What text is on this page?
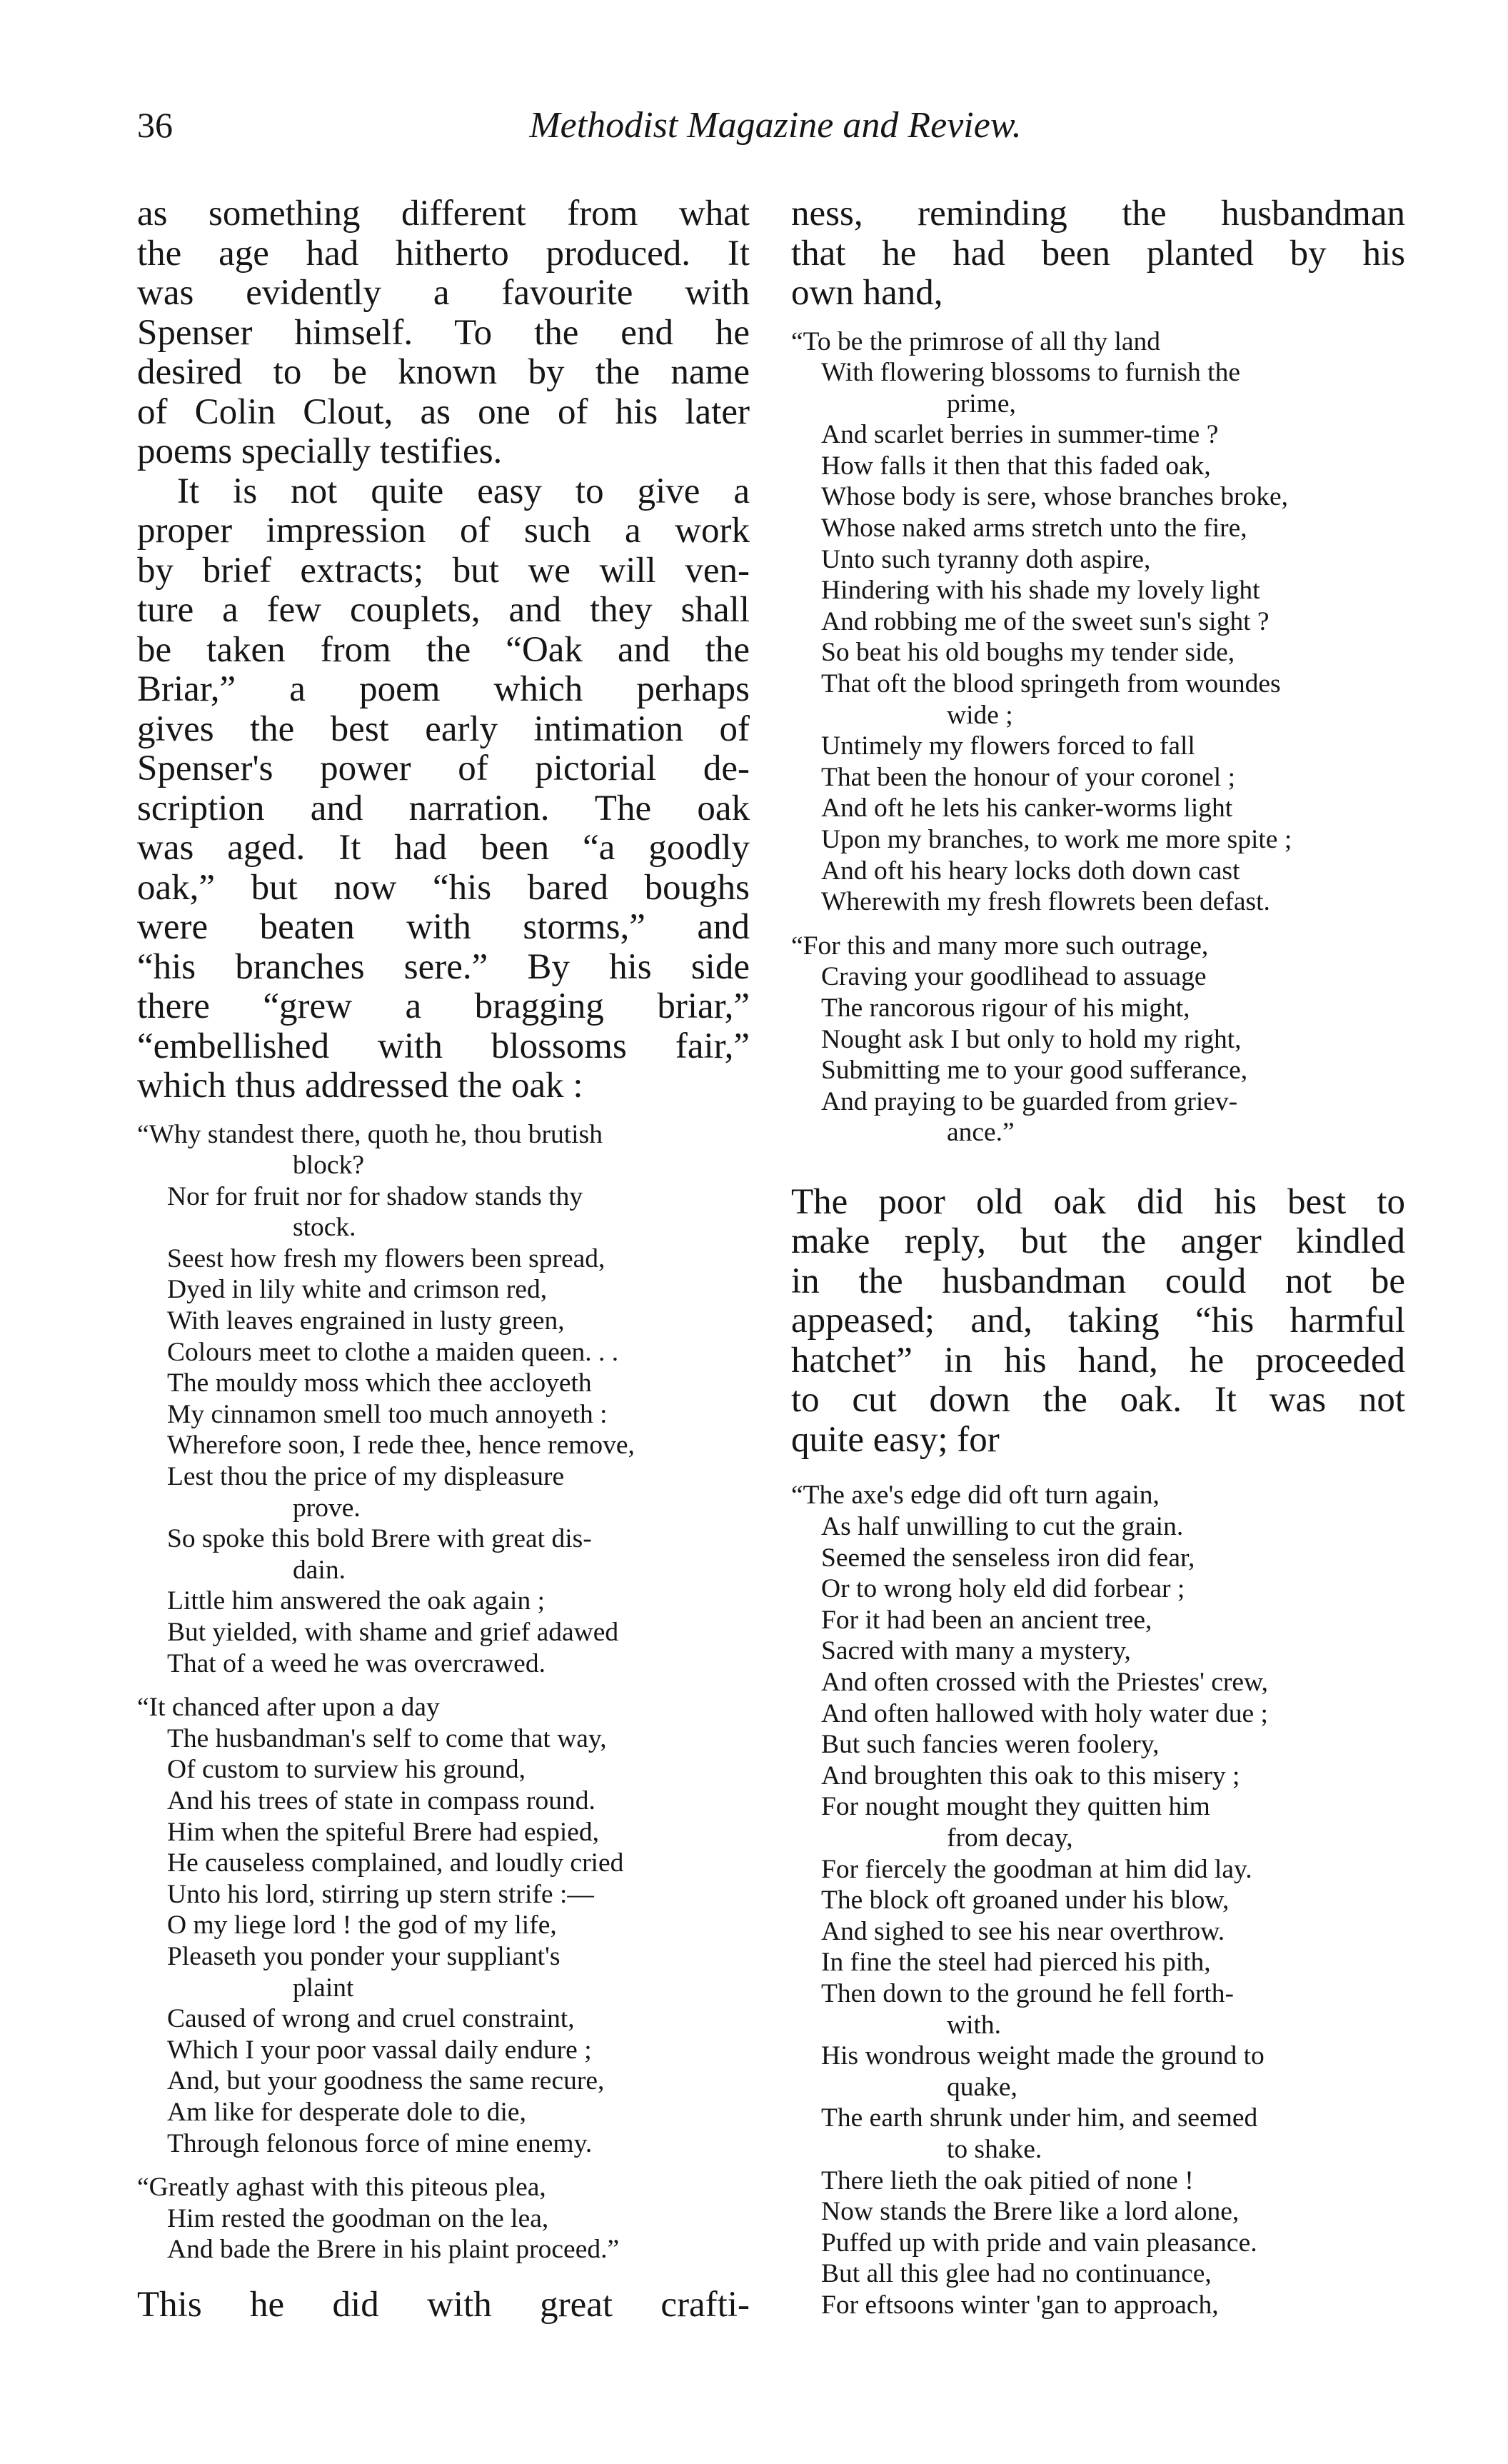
36	Methodist Magazine and Review.
as something different from what
the age had hitherto produced. It
was evidently a favourite with
Spenser himself. To the end he
desired to be known by the name
of Colin Clout, as one of his later
poems specially testifies.
It is not quite easy to give a
proper impression of such a work
by brief extracts; but we will ven-
ture a few couplets, and they shall
be taken from the “Oak and the
Briar,” a poem which perhaps
gives the best early intimation of
Spenser's power of pictorial de-
scription and narration. The oak
was aged. It had been “a goodly
oak,” but now “his bared boughs
were beaten with storms,” and
“his branches sere.” By his side
there “grew a bragging briar,”
“embellished with blossoms fair,”
which thus addressed the oak :
“Why standest there, quoth he, thou brutish
block?
Nor for fruit nor for shadow stands thy
stock.
Seest how fresh my flowers been spread,
Dyed in lily white and crimson red,
With leaves engrained in lusty green,
Colours meet to clothe a maiden queen. . .
The mouldy moss which thee accloyeth
My cinnamon smell too much annoyeth :
Wherefore soon, I rede thee, hence remove,
Lest thou the price of my displeasure
prove.
So spoke this bold Brere with great dis-
dain.
Little him answered the oak again ;
But yielded, with shame and grief adawed
That of a weed he was overcrawed.
“It chanced after upon a day
The husbandman's self to come that way,
Of custom to surview his ground,
And his trees of state in compass round.
Him when the spiteful Brere had espied,
He causeless complained, and loudly cried
Unto his lord, stirring up stern strife :—
O my liege lord ! the god of my life,
Pleaseth you ponder your suppliant's
plaint
Caused of wrong and cruel constraint,
Which I your poor vassal daily endure ;
And, but your goodness the same recure,
Am like for desperate dole to die,
Through felonous force of mine enemy.
“Greatly aghast with this piteous plea,
Him rested the goodman on the lea,
And bade the Brere in his plaint proceed.”
This he did with great crafti-
ness, reminding the husbandman
that he had been planted by his
own hand,
“To be the primrose of all thy land
With flowering blossoms to furnish the
prime,
And scarlet berries in summer-time ?
How falls it then that this faded oak,
Whose body is sere, whose branches broke,
Whose naked arms stretch unto the fire,
Unto such tyranny doth aspire,
Hindering with his shade my lovely light
And robbing me of the sweet sun's sight ?
So beat his old boughs my tender side,
That oft the blood springeth from woundes
wide ;
Untimely my flowers forced to fall
That been the honour of your coronel ;
And oft he lets his canker-worms light
Upon my branches, to work me more spite ;
And oft his heary locks doth down cast
Wherewith my fresh flowrets been defast.
“For this and many more such outrage,
Craving your goodlihead to assuage
The rancorous rigour of his might,
Nought ask I but only to hold my right,
Submitting me to your good sufferance,
And praying to be guarded from griev-
ance.”
The poor old oak did his best to
make reply, but the anger kindled
in the husbandman could not be
appeased; and, taking “his harmful
hatchet” in his hand, he proceeded
to cut down the oak. It was not
quite easy; for
“The axe's edge did oft turn again,
As half unwilling to cut the grain.
Seemed the senseless iron did fear,
Or to wrong holy eld did forbear ;
For it had been an ancient tree,
Sacred with many a mystery,
And often crossed with the Priestes' crew,
And often hallowed with holy water due ;
But such fancies weren foolery,
And broughten this oak to this misery ;
For nought mought they quitten him
from decay,
For fiercely the goodman at him did lay.
The block oft groaned under his blow,
And sighed to see his near overthrow.
In fine the steel had pierced his pith,
Then down to the ground he fell forth-
with.
His wondrous weight made the ground to
quake,
The earth shrunk under him, and seemed
to shake.
There lieth the oak pitied of none !
Now stands the Brere like a lord alone,
Puffed up with pride and vain pleasance.
But all this glee had no continuance,
For eftsoons winter 'gan to approach,
